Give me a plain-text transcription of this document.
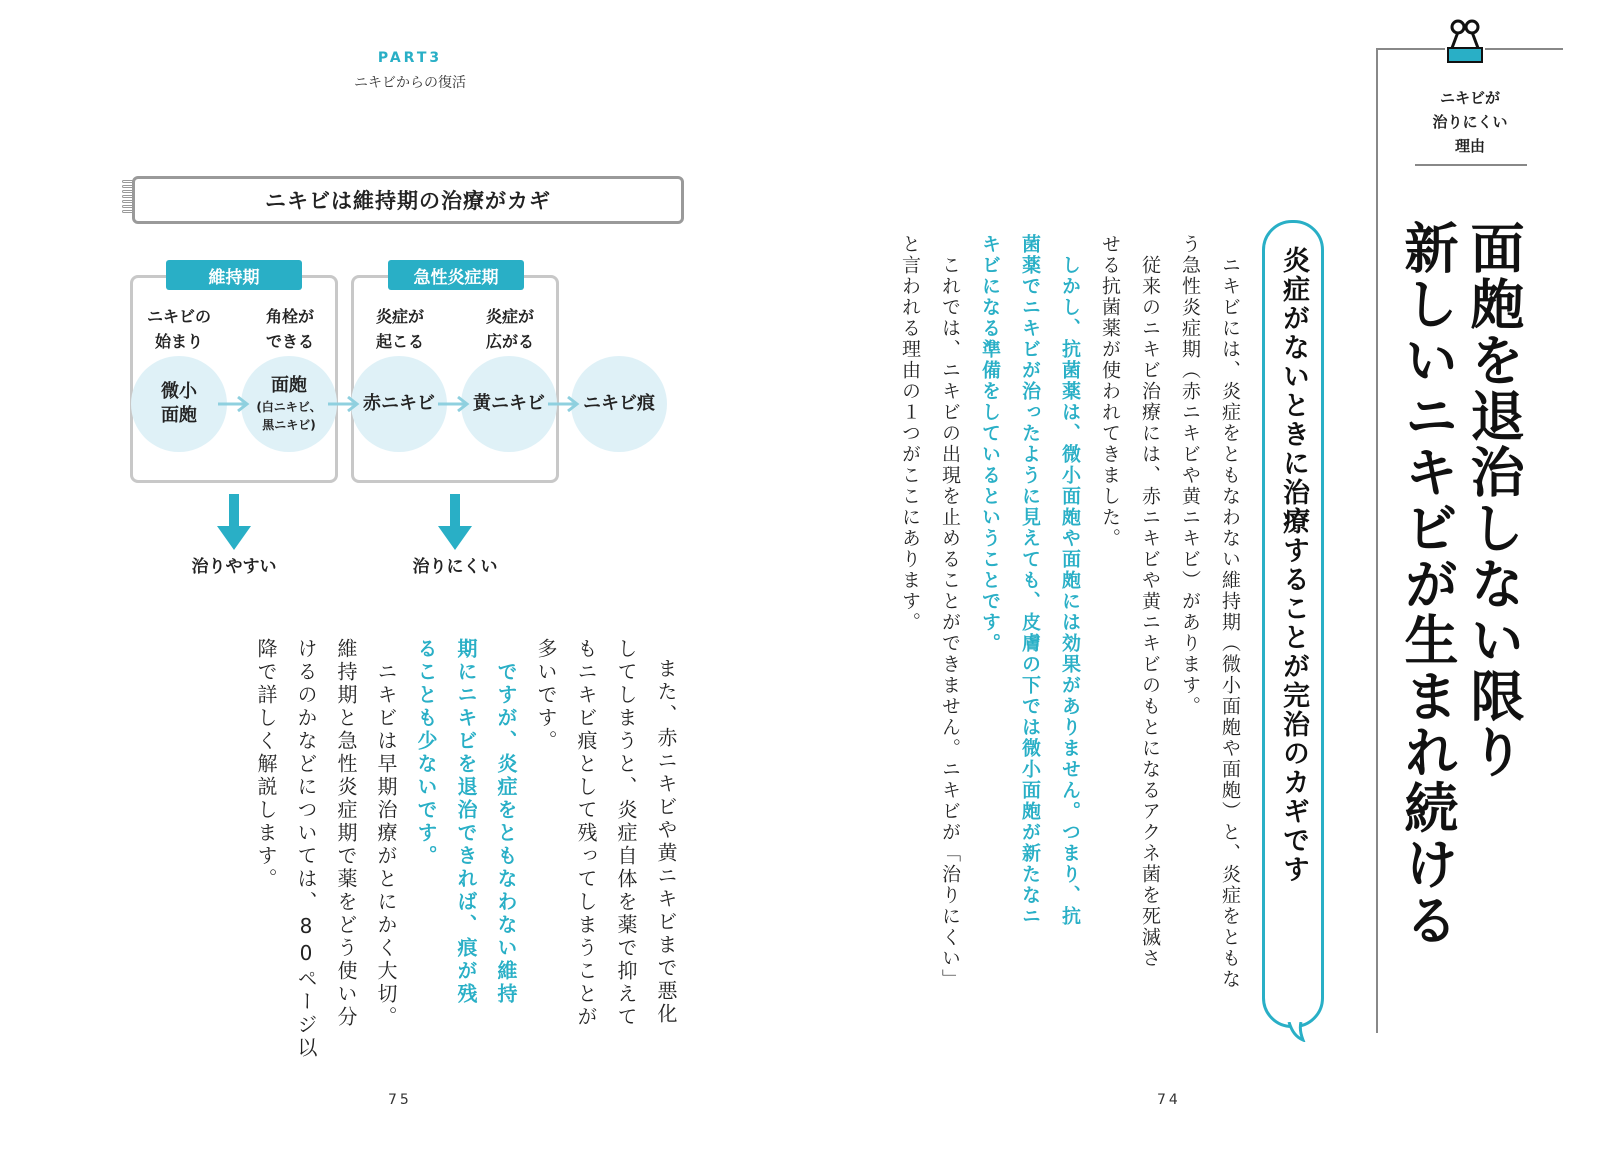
PART3
ニキビからの復活
ニキビは維持期の治療がカギ
維持期	急性炎症期
ニキビの
始まり
角栓が
できる
炎症が
起こる
炎症が
広がる
微小
面皰
面皰
(白ニキビ、
黒ニキビ)
赤ニキビ 黄ニキビ ニキビ痕
治りやすい	治りにくい
また、赤ニキビや黄ニキビまで悪化
してしまうと、炎症自体を薬で抑えて
もニキビ痕として残ってしまうことが
多いです。
　ですが、炎症をともなわない維持
期にニキビを退治できれば、痕が残
ることも少ないです。
　ニキビは早期治療がとにかく大切。
維持期と急性炎症期で薬をどう使い分
けるのかなどについては、80ページ以
降で詳しく解説します。
75
ニキビが
治りにくい
理由
面皰を退治しない限り
新しいニキビが生まれ続ける
炎症がないときに治療することが完治のカギです
　ニキビには、炎症をともなわない維持期（微小面皰や面皰）と、炎症をともな
う急性炎症期（赤ニキビや黄ニキビ）があります。
　従来のニキビ治療には、赤ニキビや黄ニキビのもとになるアクネ菌を死滅さ
せる抗菌薬が使われてきました。
　しかし、抗菌薬は、微小面皰や面皰には効果がありません。つまり、抗
菌薬でニキビが治ったように見えても、皮膚の下では微小面皰が新たなニ
キビになる準備をしているということです。
　これでは、ニキビの出現を止めることができません。ニキビが「治りにくい」
と言われる理由の１つがここにあります。
74
